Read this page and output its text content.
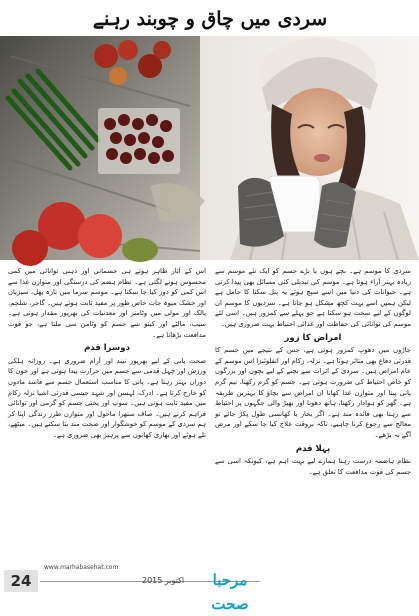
سردی میں چاق و چوبند رہنے

سردی کا موسم ہے۔ بچے ہوں یا بڑے جسم کو ایک نئے موسم سے زیادہ بہتر آراء ہوتا ہے۔ موسم کی تبدیلی کئی مسائل بھی پیدا کرتی ہے۔ حیوانات کی دنیا میں اسے سپچ ہوتے یہ پتل سکتا کا حامل ہے لیکن ہمیں اسے بہت کچھ مشکل ہو جاتا ہے۔ سردیوں کا موسم ان لوگوں کے لیے سخت ہو سکتا ہے جو پہلے سے کمزور ہیں۔ اسی لئے موسم کی توانائی کی حفاظت اور غذائی احتیاط بہت ضروری ہیں۔

امراض کا زور

جاڑوں میں دھوپ کمزور ہوتی ہے، جس کے نتیجے میں جسم کا قدرتی دفاع بھی متاثر ہوتا ہے۔ نزلہ، زکام اور انفلوئنزا اس موسم کے عام امراض ہیں۔ سردی کے اثرات سے بچنے کے لیے بچوں اور بزرگوں کو خاص احتیاط کی ضرورت ہوتی ہے۔ جسم کو گرم رکھنا، نیم گرم پانی پینا اور متوازن غذا کھانا ان امراض سے بچاؤ کا بہترین طریقہ ہے۔ گھر کو ہوادار رکھنا، ہاتھ دھونا اور بھیڑ والی جگہوں پر احتیاط سے رہنا بھی فائدہ مند ہے۔ اگر بخار یا کھانسی طول پکڑ جائے تو معالج سے رجوع کرنا چاہیے، تاکہ بروقت علاج کیا جا سکے اور مرض آگے نہ بڑھے۔

پہلا قدم

نظام ہاضمہ درست رہنا ہمارے لیے بہت اہم ہے، کیونکہ اسی سے جسم کی قوت مدافعت کا تعلق ہے۔

اس کے آثار ظاہر ہوتے ہی جسمانی اور ذہنی توانائی میں کمی محسوس ہونے لگتی ہے۔ نظام ہضم کی درستگی اور متوازن غذا سے اس کمی کو دور کیا جا سکتا ہے۔ موسم سرما میں تازہ پھل، سبزیاں اور خشک میوہ جات خاص طور پر مفید ثابت ہوتے ہیں۔ گاجر، شلجم، پالک اور مولی میں وٹامنز اور معدنیات کی بھرپور مقدار ہوتی ہے۔ سیب، مالٹے اور کینو سے جسم کو وٹامن سی ملتا ہے، جو قوت مدافعت بڑھاتا ہے۔

دوسرا قدم

صحت یابی کے لیے بھرپور نیند اور آرام ضروری ہے۔ روزانہ ہلکی ورزش اور چہل قدمی سے جسم میں حرارت پیدا ہوتی ہے اور خون کا دوران بہتر رہتا ہے۔ پانی کا مناسب استعمال جسم سے فاسد مادوں کو خارج کرتا ہے۔ ادرک، لہسن اور شہد جیسی قدرتی اشیا نزلہ زکام میں مفید ثابت ہوتی ہیں۔ سوپ اور یخنی جسم کو گرمی اور توانائی فراہم کرتے ہیں۔ صاف ستھرا ماحول اور متوازن طرز زندگی اپنا کر ہم سردی کے موسم کو خوشگوار اور صحت مند بنا سکتے ہیں۔ میٹھے، تلے ہوئے اور بھاری کھانوں سے پرہیز بھی ضروری ہے۔

24
www.marhabasehat.com
اکتوبر 2015	مرحبا صحت
